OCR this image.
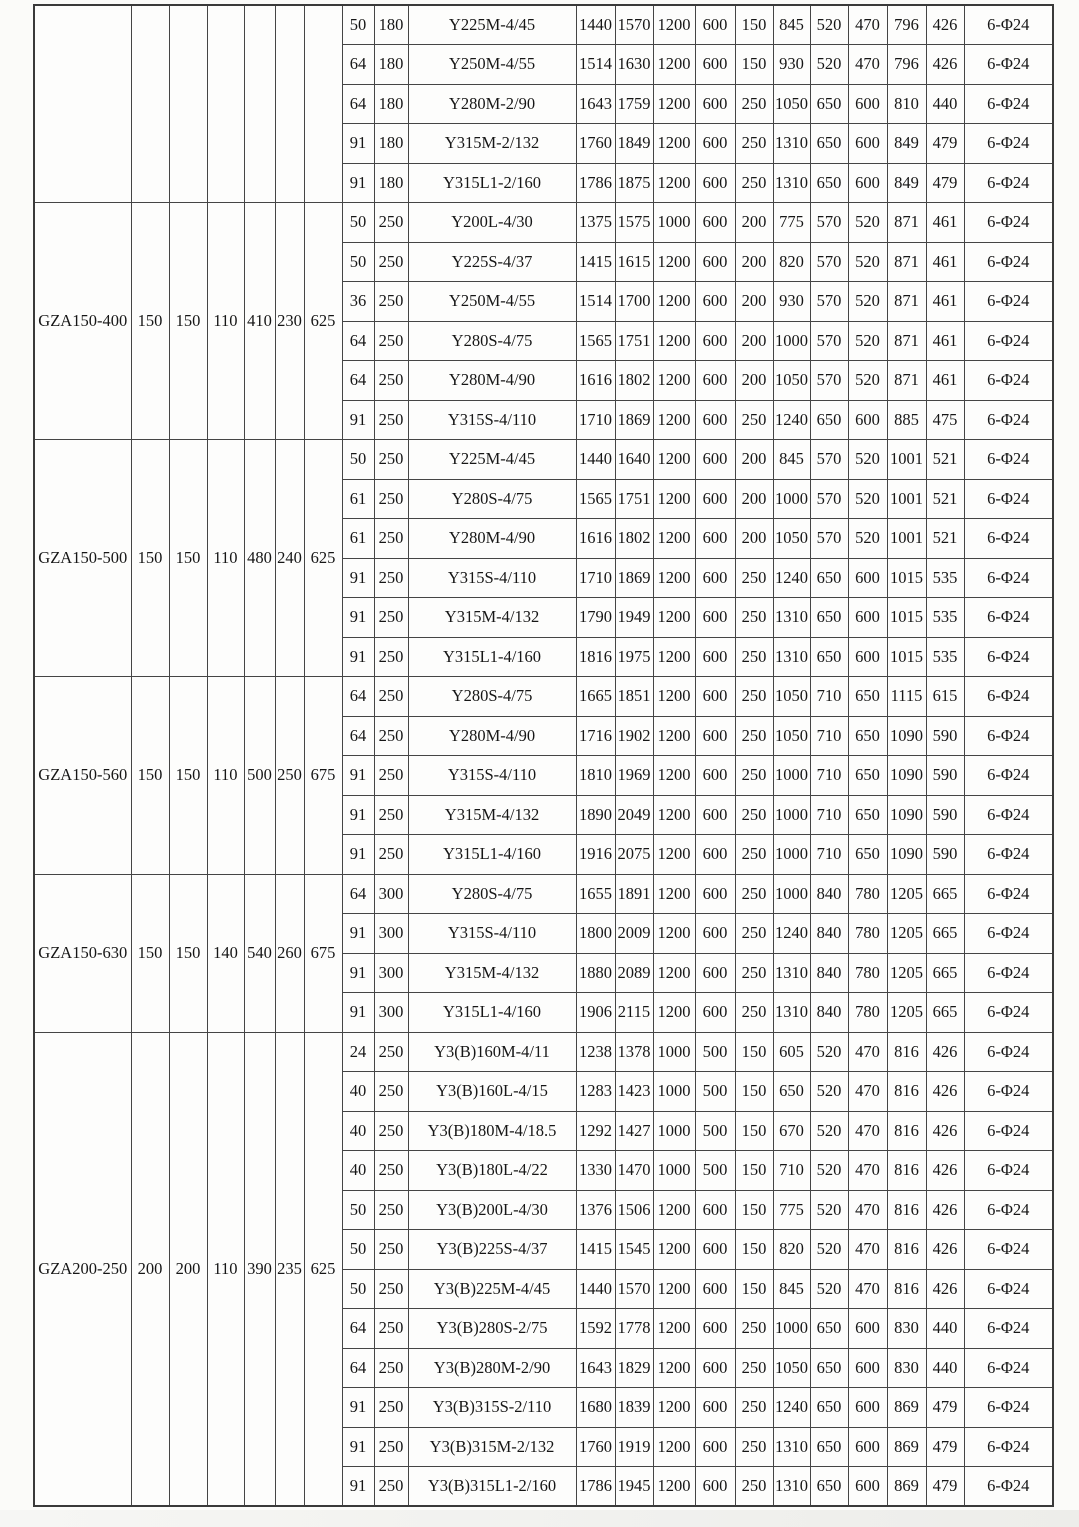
							50	180	Y225M-4/45	1440	1570	1200	600	150	845	520	470	796	426	6-Φ24
							64	180	Y250M-4/55	1514	1630	1200	600	150	930	520	470	796	426	6-Φ24
							64	180	Y280M-2/90	1643	1759	1200	600	250	1050	650	600	810	440	6-Φ24
							91	180	Y315M-2/132	1760	1849	1200	600	250	1310	650	600	849	479	6-Φ24
							91	180	Y315L1-2/160	1786	1875	1200	600	250	1310	650	600	849	479	6-Φ24
GZA150-400	150	150	110	410	230	625	50	250	Y200L-4/30	1375	1575	1000	600	200	775	570	520	871	461	6-Φ24
							50	250	Y225S-4/37	1415	1615	1200	600	200	820	570	520	871	461	6-Φ24
							36	250	Y250M-4/55	1514	1700	1200	600	200	930	570	520	871	461	6-Φ24
							64	250	Y280S-4/75	1565	1751	1200	600	200	1000	570	520	871	461	6-Φ24
							64	250	Y280M-4/90	1616	1802	1200	600	200	1050	570	520	871	461	6-Φ24
							91	250	Y315S-4/110	1710	1869	1200	600	250	1240	650	600	885	475	6-Φ24
GZA150-500	150	150	110	480	240	625	50	250	Y225M-4/45	1440	1640	1200	600	200	845	570	520	1001	521	6-Φ24
							61	250	Y280S-4/75	1565	1751	1200	600	200	1000	570	520	1001	521	6-Φ24
							61	250	Y280M-4/90	1616	1802	1200	600	200	1050	570	520	1001	521	6-Φ24
							91	250	Y315S-4/110	1710	1869	1200	600	250	1240	650	600	1015	535	6-Φ24
							91	250	Y315M-4/132	1790	1949	1200	600	250	1310	650	600	1015	535	6-Φ24
							91	250	Y315L1-4/160	1816	1975	1200	600	250	1310	650	600	1015	535	6-Φ24
GZA150-560	150	150	110	500	250	675	64	250	Y280S-4/75	1665	1851	1200	600	250	1050	710	650	1115	615	6-Φ24
							64	250	Y280M-4/90	1716	1902	1200	600	250	1050	710	650	1090	590	6-Φ24
							91	250	Y315S-4/110	1810	1969	1200	600	250	1000	710	650	1090	590	6-Φ24
							91	250	Y315M-4/132	1890	2049	1200	600	250	1000	710	650	1090	590	6-Φ24
							91	250	Y315L1-4/160	1916	2075	1200	600	250	1000	710	650	1090	590	6-Φ24
GZA150-630	150	150	140	540	260	675	64	300	Y280S-4/75	1655	1891	1200	600	250	1000	840	780	1205	665	6-Φ24
							91	300	Y315S-4/110	1800	2009	1200	600	250	1240	840	780	1205	665	6-Φ24
							91	300	Y315M-4/132	1880	2089	1200	600	250	1310	840	780	1205	665	6-Φ24
							91	300	Y315L1-4/160	1906	2115	1200	600	250	1310	840	780	1205	665	6-Φ24
GZA200-250	200	200	110	390	235	625	24	250	Y3(B)160M-4/11	1238	1378	1000	500	150	605	520	470	816	426	6-Φ24
							40	250	Y3(B)160L-4/15	1283	1423	1000	500	150	650	520	470	816	426	6-Φ24
							40	250	Y3(B)180M-4/18.5	1292	1427	1000	500	150	670	520	470	816	426	6-Φ24
							40	250	Y3(B)180L-4/22	1330	1470	1000	500	150	710	520	470	816	426	6-Φ24
							50	250	Y3(B)200L-4/30	1376	1506	1200	600	150	775	520	470	816	426	6-Φ24
							50	250	Y3(B)225S-4/37	1415	1545	1200	600	150	820	520	470	816	426	6-Φ24
							50	250	Y3(B)225M-4/45	1440	1570	1200	600	150	845	520	470	816	426	6-Φ24
							64	250	Y3(B)280S-2/75	1592	1778	1200	600	250	1000	650	600	830	440	6-Φ24
							64	250	Y3(B)280M-2/90	1643	1829	1200	600	250	1050	650	600	830	440	6-Φ24
							91	250	Y3(B)315S-2/110	1680	1839	1200	600	250	1240	650	600	869	479	6-Φ24
							91	250	Y3(B)315M-2/132	1760	1919	1200	600	250	1310	650	600	869	479	6-Φ24
							91	250	Y3(B)315L1-2/160	1786	1945	1200	600	250	1310	650	600	869	479	6-Φ24
